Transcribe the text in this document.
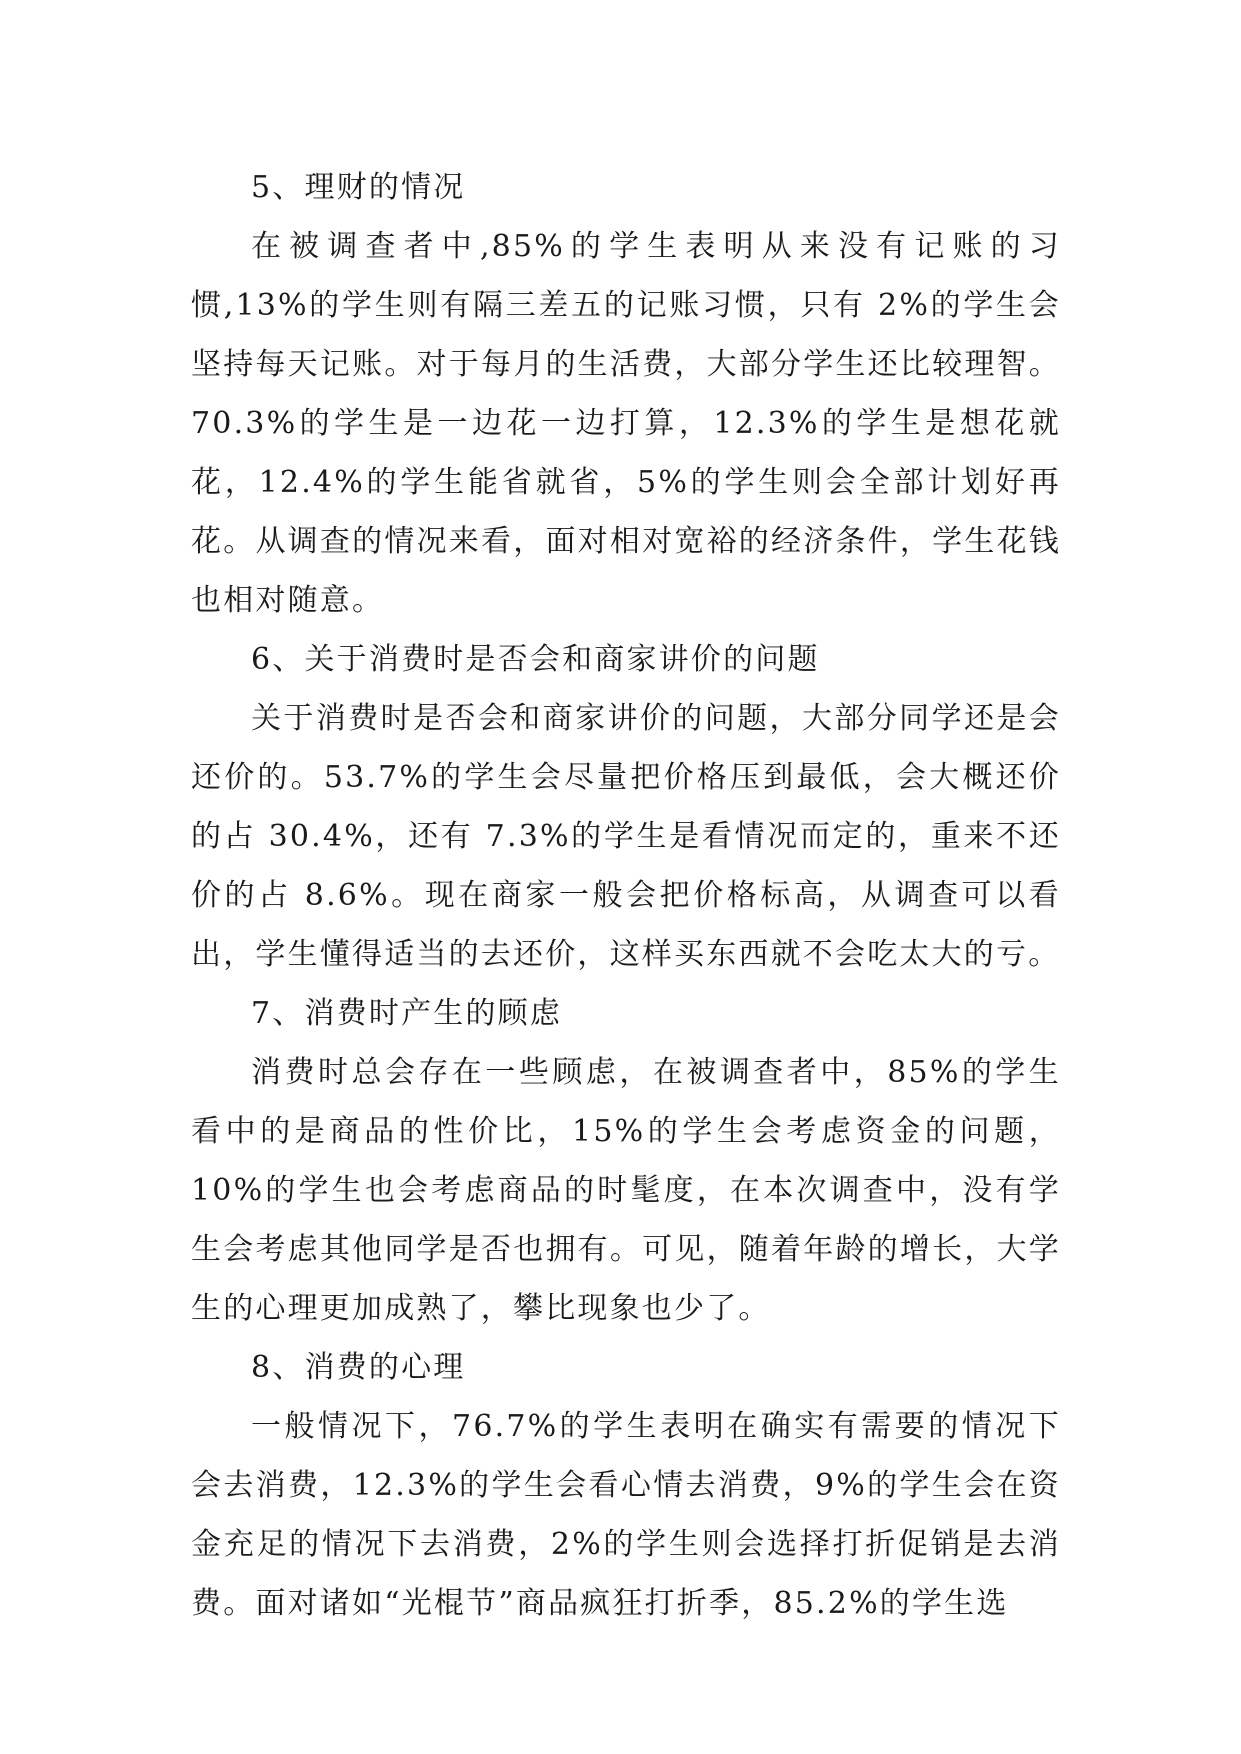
5、理财的情况

在被调查者中,85%的学生表明从来没有记账的习惯,13%的学生则有隔三差五的记账习惯，只有 2%的学生会坚持每天记账。对于每月的生活费，大部分学生还比较理智。70.3%的学生是一边花一边打算，12.3%的学生是想花就花，12.4%的学生能省就省，5%的学生则会全部计划好再花。从调查的情况来看，面对相对宽裕的经济条件，学生花钱也相对随意。

6、关于消费时是否会和商家讲价的问题

关于消费时是否会和商家讲价的问题，大部分同学还是会还价的。53.7%的学生会尽量把价格压到最低，会大概还价的占 30.4%，还有 7.3%的学生是看情况而定的，重来不还价的占 8.6%。现在商家一般会把价格标高，从调查可以看出，学生懂得适当的去还价，这样买东西就不会吃太大的亏。

7、消费时产生的顾虑

消费时总会存在一些顾虑，在被调查者中，85%的学生看中的是商品的性价比，15%的学生会考虑资金的问题，10%的学生也会考虑商品的时髦度，在本次调查中，没有学生会考虑其他同学是否也拥有。可见，随着年龄的增长，大学生的心理更加成熟了，攀比现象也少了。

8、消费的心理

一般情况下，76.7%的学生表明在确实有需要的情况下会去消费，12.3%的学生会看心情去消费，9%的学生会在资金充足的情况下去消费，2%的学生则会选择打折促销是去消费。面对诸如“光棍节”商品疯狂打折季，85.2%的学生选
